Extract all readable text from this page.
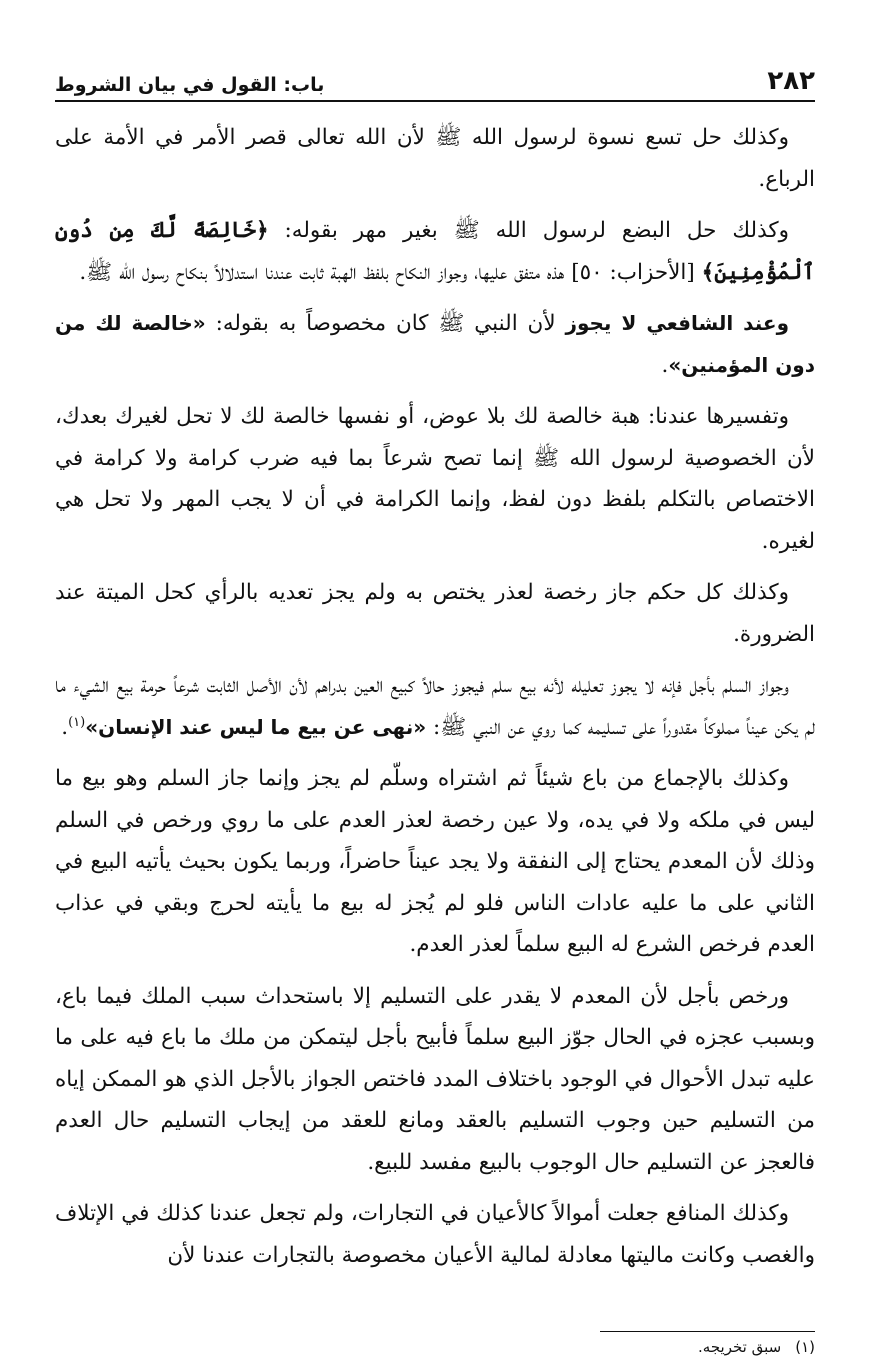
٢٨٢
باب: القول في بيان الشروط

وكذلك حل تسع نسوة لرسول الله ﷺ لأن الله تعالى قصر الأمر في الأمة على الرباع.

وكذلك حل البضع لرسول الله ﷺ بغير مهر بقوله: ﴿خَالِصَةً لَّكَ مِن دُونِ ٱلْمُؤْمِنِينَ﴾ [الأحزاب: ٥٠] هذه متفق عليها، وجواز النكاح بلفظ الهبة ثابت عندنا استدلالاً بنكاح رسول الله ﷺ.

وعند الشافعي لا يجوز لأن النبي ﷺ كان مخصوصاً به بقوله: «خالصة لك من دون المؤمنين».

وتفسيرها عندنا: هبة خالصة لك بلا عوض، أو نفسها خالصة لك لا تحل لغيرك بعدك، لأن الخصوصية لرسول الله ﷺ إنما تصح شرعاً بما فيه ضرب كرامة ولا كرامة في الاختصاص بالتكلم بلفظ دون لفظ، وإنما الكرامة في أن لا يجب المهر ولا تحل هي لغيره.

وكذلك كل حكم جاز رخصة لعذر يختص به ولم يجز تعديه بالرأي كحل الميتة عند الضرورة.

وجواز السلم بأجل فإنه لا يجوز تعليله لأنه بيع سلم فيجوز حالاً كبيع العين بدراهم لأن الأصل الثابت شرعاً حرمة بيع الشيء ما لم يكن عيناً مملوكاً مقدوراً على تسليمه كما روي عن النبي ﷺ: «نهى عن بيع ما ليس عند الإنسان»$^{(١)}$.

وكذلك بالإجماع من باع شيئاً ثم اشتراه وسلّم لم يجز وإنما جاز السلم وهو بيع ما ليس في ملكه ولا في يده، ولا عين رخصة لعذر العدم على ما روي ورخص في السلم وذلك لأن المعدم يحتاج إلى النفقة ولا يجد عيناً حاضراً، وربما يكون بحيث يأتيه البيع في الثاني على ما عليه عادات الناس فلو لم يُجز له بيع ما يأيته لحرج وبقي في عذاب العدم فرخص الشرع له البيع سلماً لعذر العدم.

ورخص بأجل لأن المعدم لا يقدر على التسليم إلا باستحداث سبب الملك فيما باع، وبسبب عجزه في الحال جوّز البيع سلماً فأبيح بأجل ليتمكن من ملك ما باع فيه على ما عليه تبدل الأحوال في الوجود باختلاف المدد فاختص الجواز بالأجل الذي هو الممكن إياه من التسليم حين وجوب التسليم بالعقد ومانع للعقد من إيجاب التسليم حال العدم فالعجز عن التسليم حال الوجوب بالبيع مفسد للبيع.

وكذلك المنافع جعلت أموالاً كالأعيان في التجارات، ولم تجعل عندنا كذلك في الإتلاف والغصب وكانت ماليتها معادلة لمالية الأعيان مخصوصة بالتجارات عندنا لأن

(١)سبق تخريجه.
